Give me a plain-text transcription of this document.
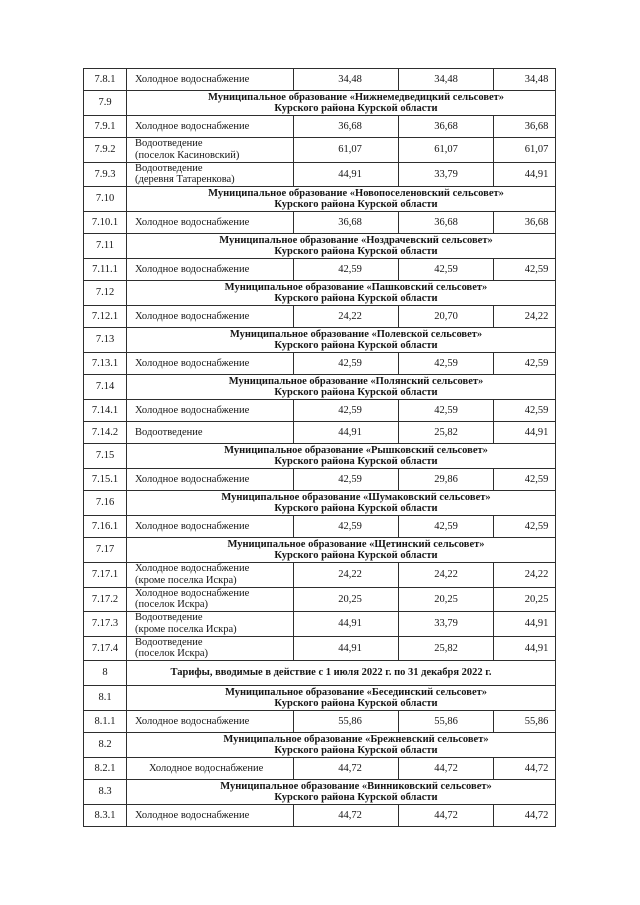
7.8.1	Холодное водоснабжение	34,48	34,48	34,48
7.9	Муниципальное образование «Нижнемедведицкий сельсовет»
Курского района Курской области			

7.9.1	Холодное водоснабжение	36,68	36,68	36,68
7.9.2	Водоотведение
(поселок Касиновский)	61,07	61,07	61,07
7.9.3	Водоотведение
(деревня Татаренкова)	44,91	33,79	44,91
7.10	Муниципальное образование «Новопоселеновский сельсовет»
Курского района Курской области			

7.10.1	Холодное водоснабжение	36,68	36,68	36,68
7.11	Муниципальное образование «Ноздрачевский сельсовет»
Курского района Курской области			

7.11.1	Холодное водоснабжение	42,59	42,59	42,59
7.12	Муниципальное образование «Пашковский сельсовет»
Курского района Курской области			

7.12.1	Холодное водоснабжение	24,22	20,70	24,22
7.13	Муниципальное образование «Полевской сельсовет»
Курского района Курской области			

7.13.1	Холодное водоснабжение	42,59	42,59	42,59
7.14	Муниципальное образование «Полянский сельсовет»
Курского района Курской области			

7.14.1	Холодное водоснабжение	42,59	42,59	42,59
7.14.2	Водоотведение	44,91	25,82	44,91
7.15	Муниципальное образование «Рышковский сельсовет»
Курского района Курской области			

7.15.1	Холодное водоснабжение	42,59	29,86	42,59
7.16	Муниципальное образование «Шумаковский сельсовет»
Курского района Курской области			

7.16.1	Холодное водоснабжение	42,59	42,59	42,59
7.17	Муниципальное образование «Щетинский сельсовет»
Курского района Курской области			

7.17.1	Холодное водоснабжение
(кроме поселка Искра)	24,22	24,22	24,22
7.17.2	Холодное водоснабжение
(поселок Искра)	20,25	20,25	20,25
7.17.3	Водоотведение
(кроме поселка Искра)	44,91	33,79	44,91
7.17.4	Водоотведение
(поселок Искра)	44,91	25,82	44,91
8	Тарифы, вводимые в действие с 1 июля 2022 г. по 31 декабря 2022 г.			

8.1	Муниципальное образование «Бесединский сельсовет»
Курского района Курской области			

8.1.1	Холодное водоснабжение	55,86	55,86	55,86
8.2	Муниципальное образование «Брежневский сельсовет»
Курского района Курской области			

8.2.1	Холодное водоснабжение	44,72	44,72	44,72
8.3	Муниципальное образование «Винниковский сельсовет»
Курского района Курской области			

8.3.1	Холодное водоснабжение	44,72	44,72	44,72
